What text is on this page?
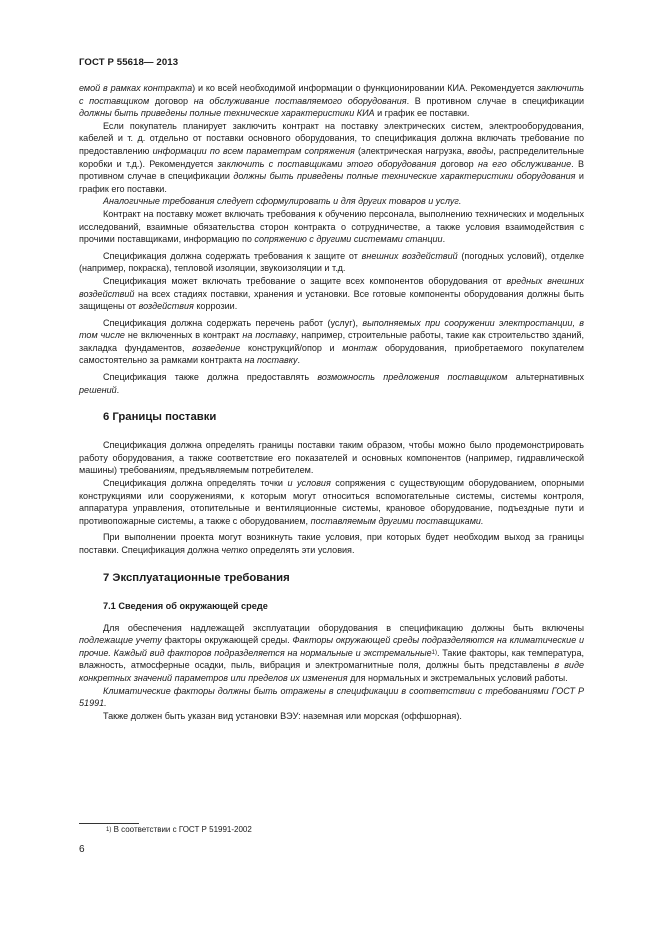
ГОСТ Р 55618— 2013

емой в рамках контракта) и ко всей необходимой информации о функционировании КИА. Рекомендуется заключить с поставщиком договор на обслуживание поставляемого оборудования. В противном случае в спецификации должны быть приведены полные технические характеристики КИА и график ее поставки.

Если покупатель планирует заключить контракт на поставку электрических систем, электрооборудования, кабелей и т. д. отдельно от поставки основного оборудования, то спецификация должна включать требование по предоставлению информации по всем параметрам сопряжения (электрическая нагрузка, вводы, распределительные коробки и т.д.). Рекомендуется заключить с поставщиками этого оборудования договор на его обслуживание. В противном случае в спецификации должны быть приведены полные технические характеристики оборудования и график его поставки.

Аналогичные требования следует сформулировать и для других товаров и услуг.

Контракт на поставку может включать требования к обучению персонала, выполнению технических и модельных исследований, взаимные обязательства сторон контракта о сотрудничестве, а также условия взаимодействия с прочими поставщиками, информацию по сопряжению с другими системами станции.

Спецификация должна содержать требования к защите от внешних воздействий (погодных условий), отделке (например, покраска), тепловой изоляции, звукоизоляции и т.д.

Спецификация может включать требование о защите всех компонентов оборудования от вредных внешних воздействий на всех стадиях поставки, хранения и установки. Все готовые компоненты оборудования должны быть защищены от воздействия коррозии.

Спецификация должна содержать перечень работ (услуг), выполняемых при сооружении электростанции, в том числе не включенных в контракт на поставку, например, строительные работы, такие как строительство зданий, закладка фундаментов, возведение конструкций/опор и монтаж оборудования, приобретаемого покупателем самостоятельно за рамками контракта на поставку.

Спецификация также должна предоставлять возможность предложения поставщиком альтернативных решений.

6 Границы поставки

Спецификация должна определять границы поставки таким образом, чтобы можно было продемонстрировать работу оборудования, а также соответствие его показателей и основных компонентов (например, гидравлической машины) требованиям, предъявляемым потребителем.

Спецификация должна определять точки и условия сопряжения с существующим оборудованием, опорными конструкциями или сооружениями, к которым могут относиться вспомогательные системы, системы контроля, аппаратура управления, отопительные и вентиляционные системы, крановое оборудование, подъездные пути и противопожарные системы, а также с оборудованием, поставляемым другими поставщиками.

При выполнении проекта могут возникнуть такие условия, при которых будет необходим выход за границы поставки. Спецификация должна четко определять эти условия.

7 Эксплуатационные требования
7.1 Сведения об окружающей среде

Для обеспечения надлежащей эксплуатации оборудования в спецификацию должны быть включены подлежащие учету факторы окружающей среды. Факторы окружающей среды подразделяются на климатические и прочие. Каждый вид факторов подразделяется на нормальные и экстремальные$^{1)}$. Такие факторы, как температура, влажность, атмосферные осадки, пыль, вибрация и электромагнитные поля, должны быть представлены в виде конкретных значений параметров или пределов их изменения для нормальных и экстремальных условий работы.

Климатические факторы должны быть отражены в спецификации в соответствии с требованиями ГОСТ Р 51991.

Также должен быть указан вид установки ВЭУ: наземная или морская (оффшорная).

$^{1)}$ В соответствии с ГОСТ Р 51991-2002
6
